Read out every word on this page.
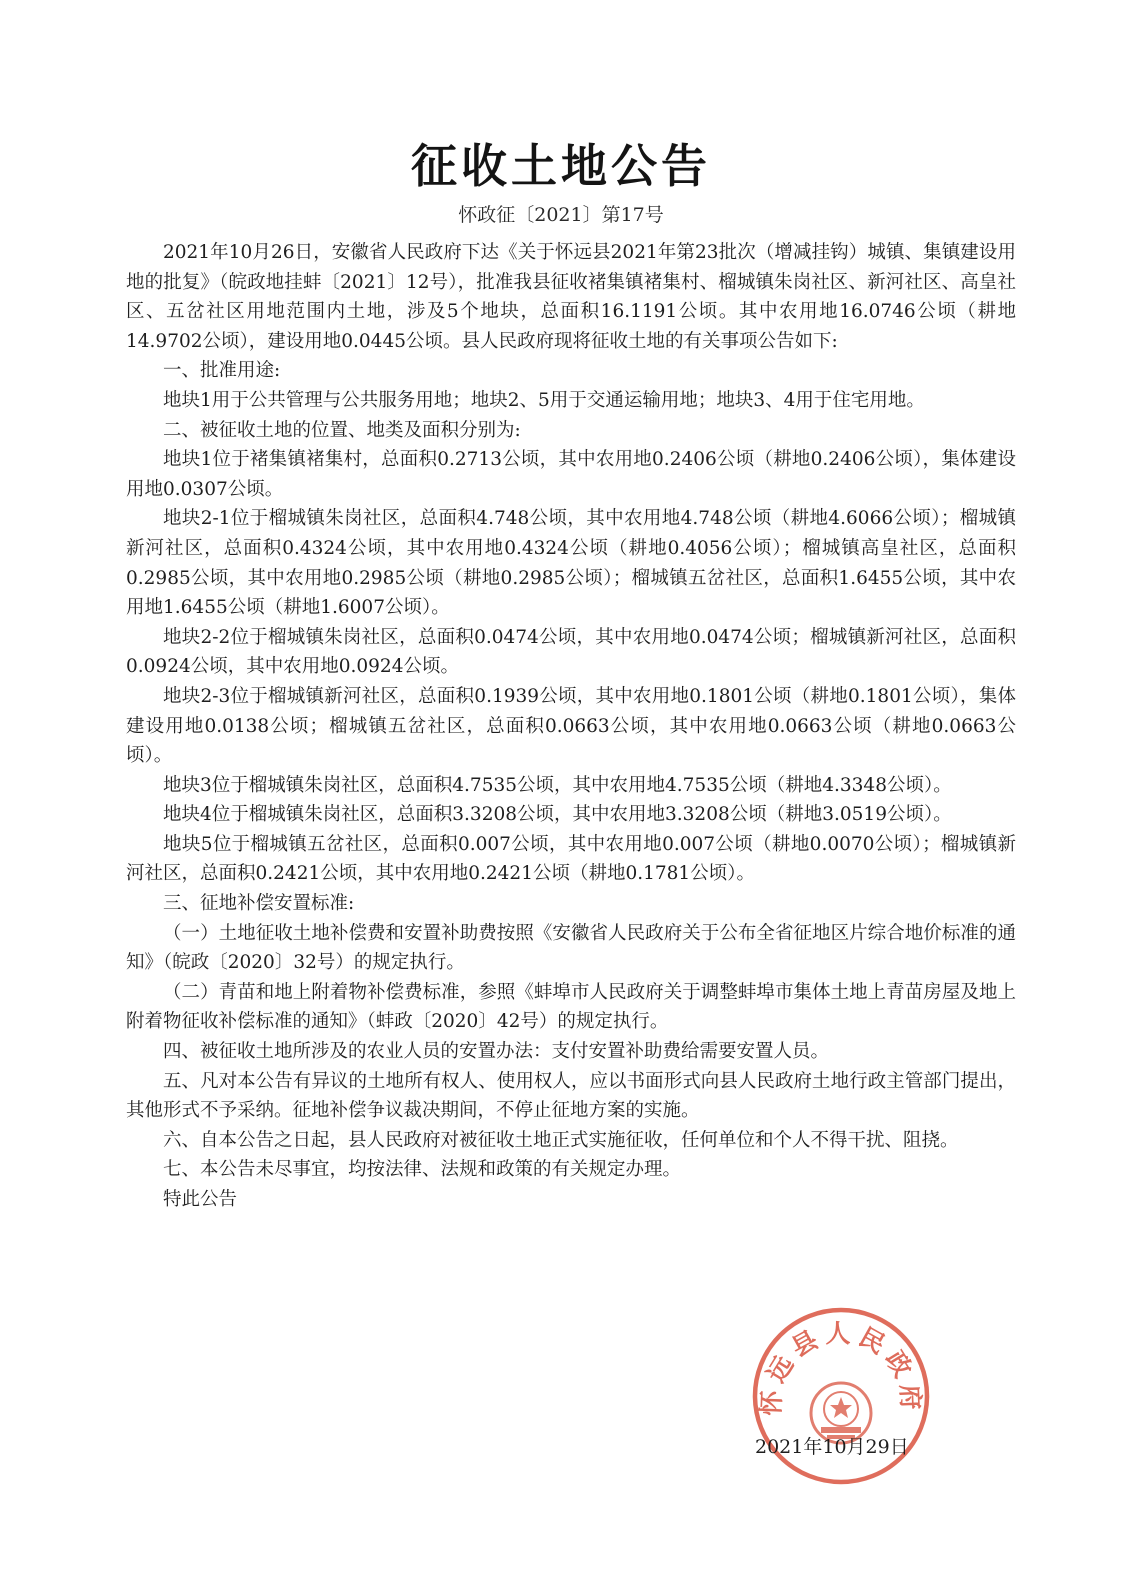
征收土地公告
怀政征〔2021〕第17号

2021年10月26日，安徽省人民政府下达《关于怀远县2021年第23批次（增减挂钩）城镇、集镇建设用地的批复》（皖政地挂蚌〔2021〕12号），批准我县征收褚集镇褚集村、榴城镇朱岗社区、新河社区、高皇社区、五岔社区用地范围内土地，涉及5个地块，总面积16.1191公顷。其中农用地16.0746公顷（耕地14.9702公顷），建设用地0.0445公顷。县人民政府现将征收土地的有关事项公告如下:

一、批准用途:

地块1用于公共管理与公共服务用地；地块2、5用于交通运输用地；地块3、4用于住宅用地。

二、被征收土地的位置、地类及面积分别为:

地块1位于褚集镇褚集村，总面积0.2713公顷，其中农用地0.2406公顷（耕地0.2406公顷），集体建设用地0.0307公顷。

地块2-1位于榴城镇朱岗社区，总面积4.748公顷，其中农用地4.748公顷（耕地4.6066公顷）；榴城镇新河社区，总面积0.4324公顷，其中农用地0.4324公顷（耕地0.4056公顷）；榴城镇高皇社区，总面积0.2985公顷，其中农用地0.2985公顷（耕地0.2985公顷）；榴城镇五岔社区，总面积1.6455公顷，其中农用地1.6455公顷（耕地1.6007公顷）。

地块2-2位于榴城镇朱岗社区，总面积0.0474公顷，其中农用地0.0474公顷；榴城镇新河社区，总面积0.0924公顷，其中农用地0.0924公顷。

地块2-3位于榴城镇新河社区，总面积0.1939公顷，其中农用地0.1801公顷（耕地0.1801公顷），集体建设用地0.0138公顷；榴城镇五岔社区，总面积0.0663公顷，其中农用地0.0663公顷（耕地0.0663公顷）。

地块3位于榴城镇朱岗社区，总面积4.7535公顷，其中农用地4.7535公顷（耕地4.3348公顷）。

地块4位于榴城镇朱岗社区，总面积3.3208公顷，其中农用地3.3208公顷（耕地3.0519公顷）。

地块5位于榴城镇五岔社区，总面积0.007公顷，其中农用地0.007公顷（耕地0.0070公顷）；榴城镇新河社区，总面积0.2421公顷，其中农用地0.2421公顷（耕地0.1781公顷）。

三、征地补偿安置标准:

（一）土地征收土地补偿费和安置补助费按照《安徽省人民政府关于公布全省征地区片综合地价标准的通知》（皖政〔2020〕32号）的规定执行。

（二）青苗和地上附着物补偿费标准，参照《蚌埠市人民政府关于调整蚌埠市集体土地上青苗房屋及地上附着物征收补偿标准的通知》（蚌政〔2020〕42号）的规定执行。

四、被征收土地所涉及的农业人员的安置办法：支付安置补助费给需要安置人员。

五、凡对本公告有异议的土地所有权人、使用权人，应以书面形式向县人民政府土地行政主管部门提出，其他形式不予采纳。征地补偿争议裁决期间，不停止征地方案的实施。

六、自本公告之日起，县人民政府对被征收土地正式实施征收，任何单位和个人不得干扰、阻挠。

七、本公告未尽事宜，均按法律、法规和政策的有关规定办理。

特此公告

怀远县人民政府
2021年10月29日
